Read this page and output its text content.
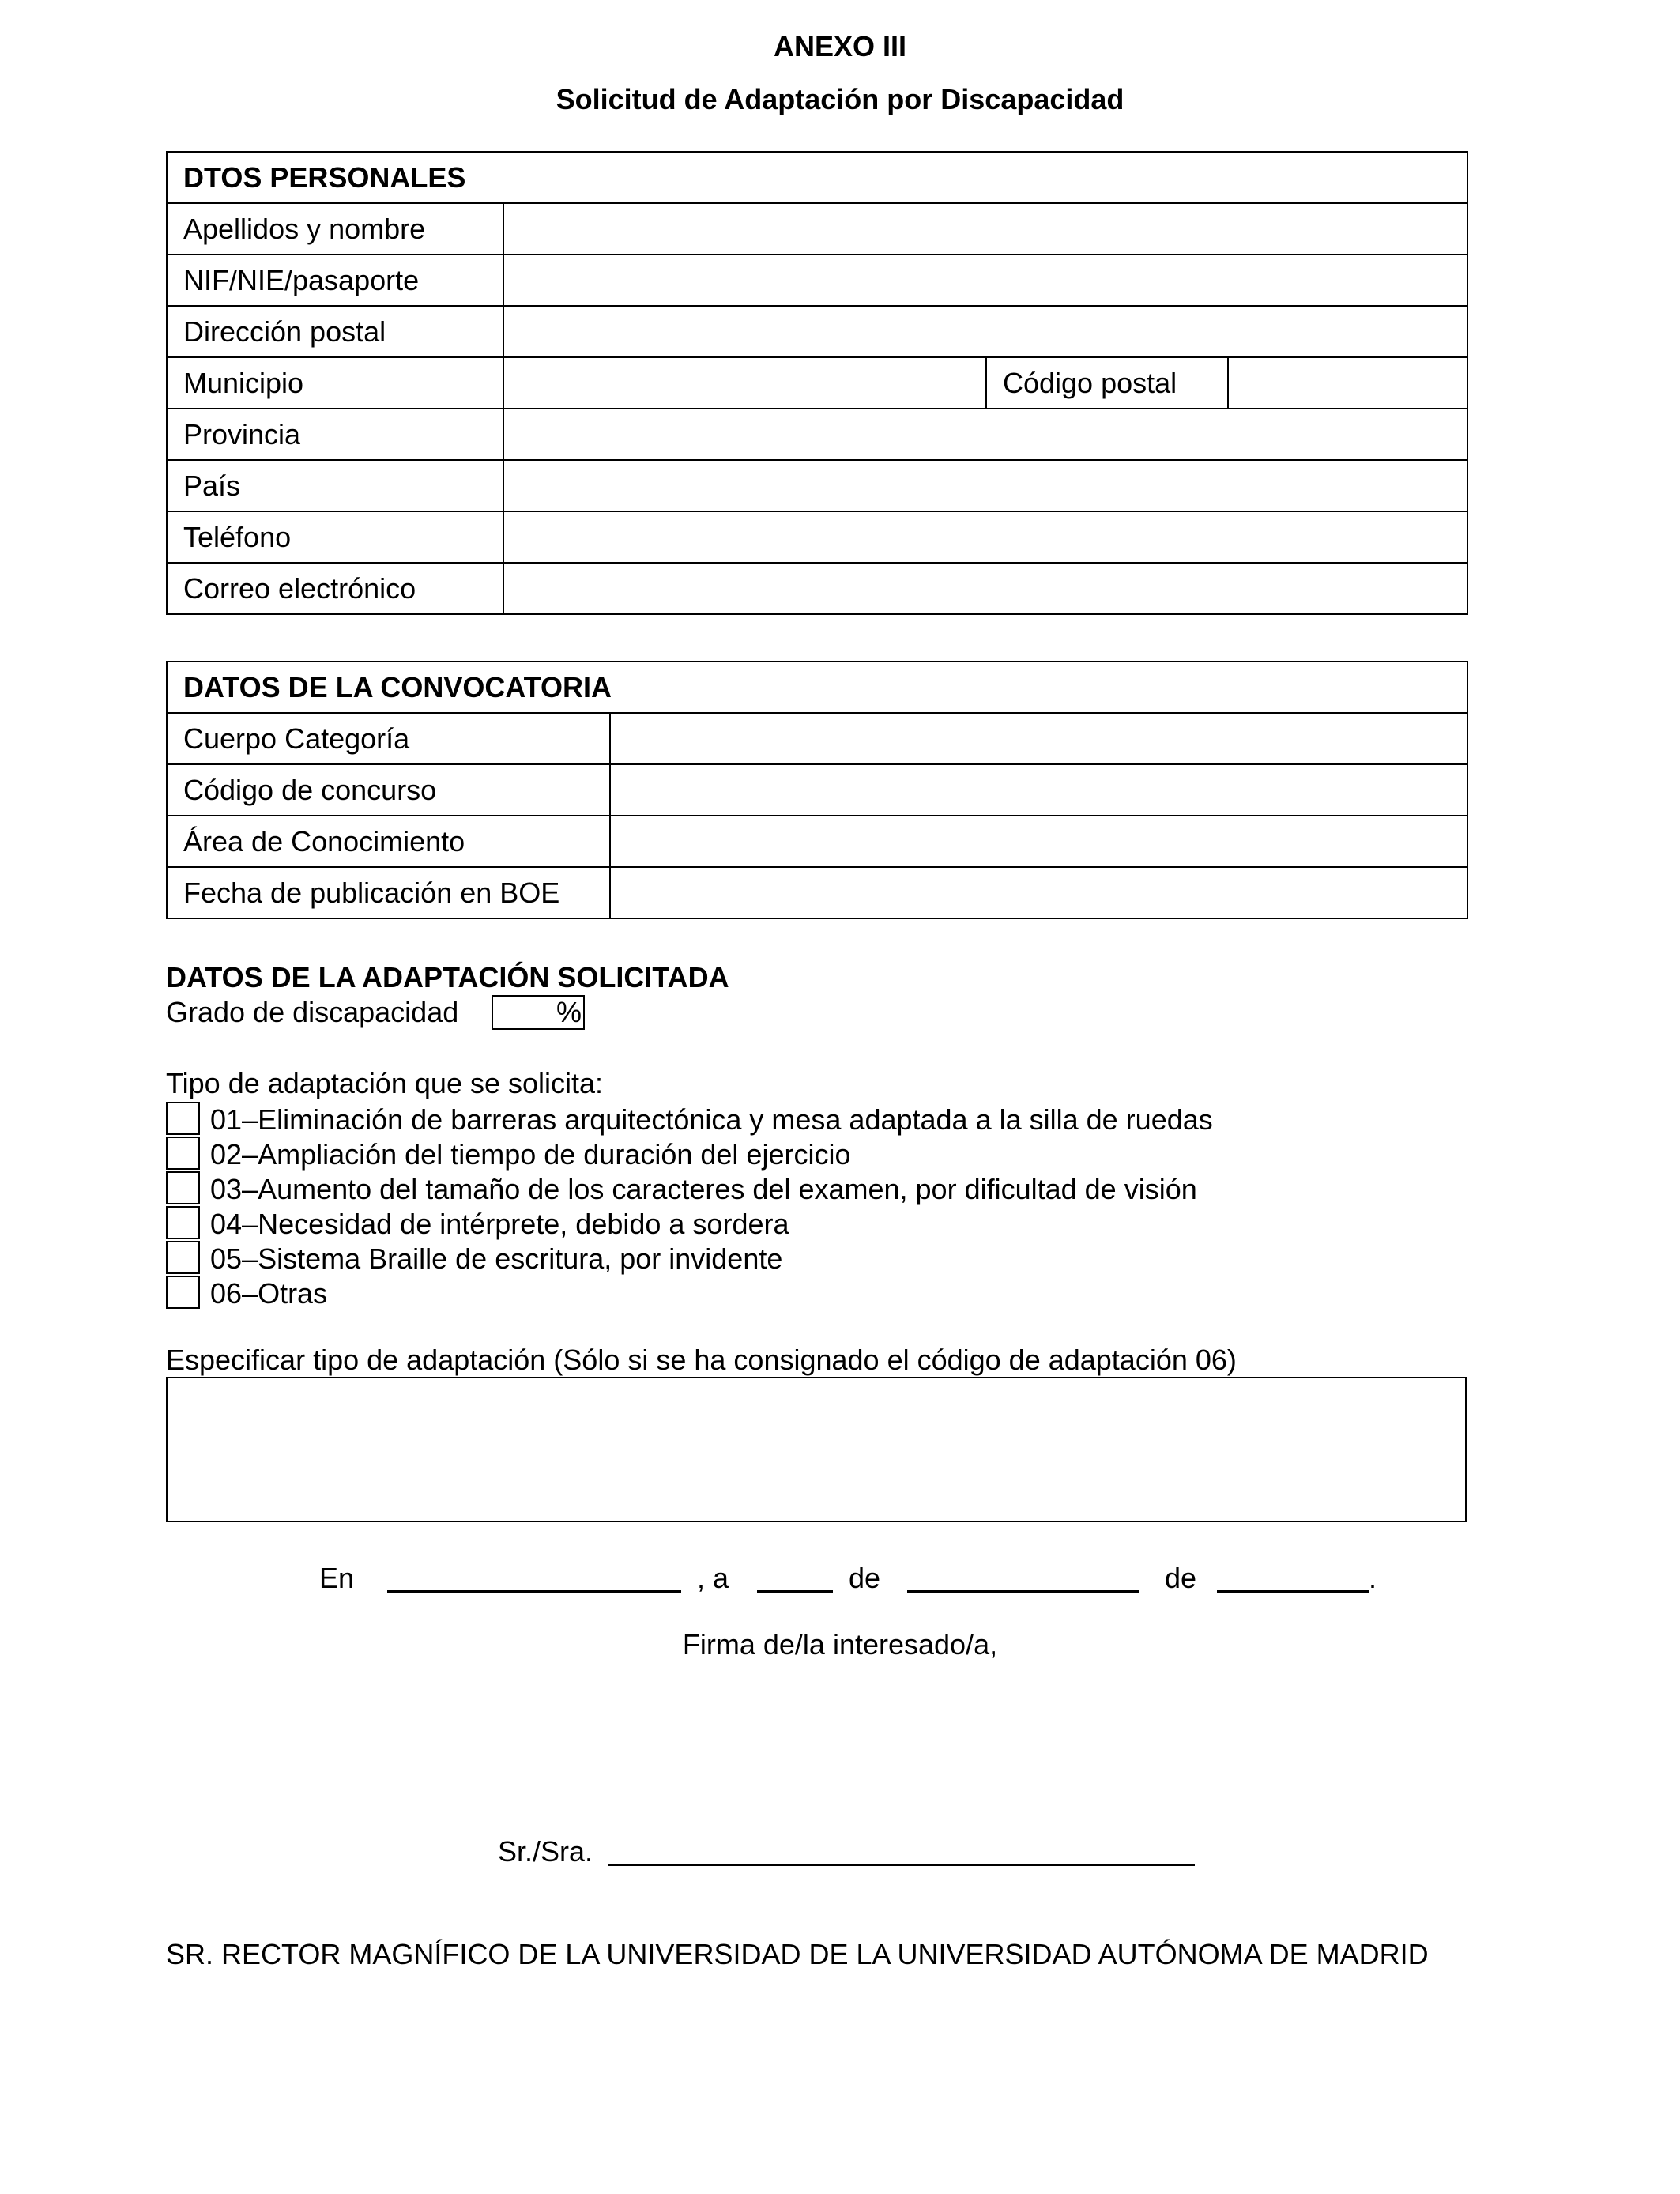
ANEXO III
Solicitud de Adaptación por Discapacidad
DTOS PERSONALES			
Apellidos y nombre			
NIF/NIE/pasaporte			
Dirección postal			
Municipio		Código postal	
Provincia			
País			
Teléfono			
Correo electrónico			
DATOS DE LA CONVOCATORIA	
Cuerpo Categoría	
Código de concurso	
Área de Conocimiento	
Fecha de publicación en BOE	
DATOS DE LA ADAPTACIÓN SOLICITADA
Grado de discapacidad	%
Tipo de adaptación que se solicita:
01–Eliminación de barreras arquitectónica y mesa adaptada a la silla de ruedas
02–Ampliación del tiempo de duración del ejercicio
03–Aumento del tamaño de los caracteres del examen, por dificultad de visión
04–Necesidad de intérprete, debido a sordera
05–Sistema Braille de escritura, por invidente
06–Otras
Especificar tipo de adaptación (Sólo si se ha consignado el código de adaptación 06)
En	, a	de	de	.
Firma de/la interesado/a,
Sr./Sra.
SR. RECTOR MAGNÍFICO DE LA UNIVERSIDAD DE LA UNIVERSIDAD AUTÓNOMA DE MADRID
